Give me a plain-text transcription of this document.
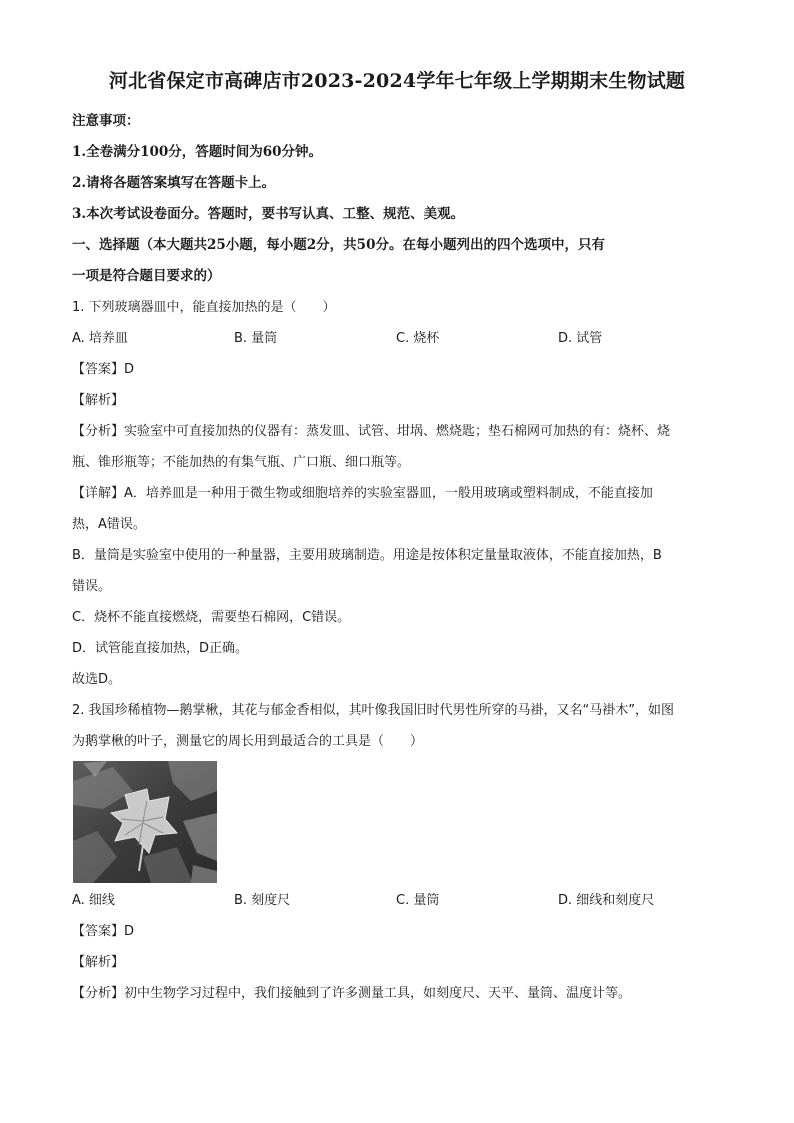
河北省保定市高碑店市2023-2024学年七年级上学期期末生物试题
注意事项：
1.全卷满分100分，答题时间为60分钟。
2.请将各题答案填写在答题卡上。
3.本次考试设卷面分。答题时，要书写认真、工整、规范、美观。
一、选择题（本大题共25小题，每小题2分，共50分。在每小题列出的四个选项中，只有
一项是符合题目要求的）
1. 下列玻璃器皿中，能直接加热的是（　　）
A. 培养皿	B. 量筒	C. 烧杯	D. 试管
【答案】D
【解析】
【分析】实验室中可直接加热的仪器有：蒸发皿、试管、坩埚、燃烧匙；垫石棉网可加热的有：烧杯、烧
瓶、锥形瓶等；不能加热的有集气瓶、广口瓶、细口瓶等。
【详解】A．培养皿是一种用于微生物或细胞培养的实验室器皿，一般用玻璃或塑料制成，不能直接加
热，A错误。
B．量筒是实验室中使用的一种量器，主要用玻璃制造。用途是按体积定量量取液体，不能直接加热，B
错误。
C．烧杯不能直接燃烧，需要垫石棉网，C错误。
D．试管能直接加热，D正确。
故选D。
2. 我国珍稀植物—鹅掌楸，其花与郁金香相似，其叶像我国旧时代男性所穿的马褂，又名“马褂木”，如图
为鹅掌楸的叶子，测量它的周长用到最适合的工具是（　　）
A. 细线	B. 刻度尺	C. 量筒	D. 细线和刻度尺
【答案】D
【解析】
【分析】初中生物学习过程中，我们接触到了许多测量工具，如刻度尺、天平、量筒、温度计等。
